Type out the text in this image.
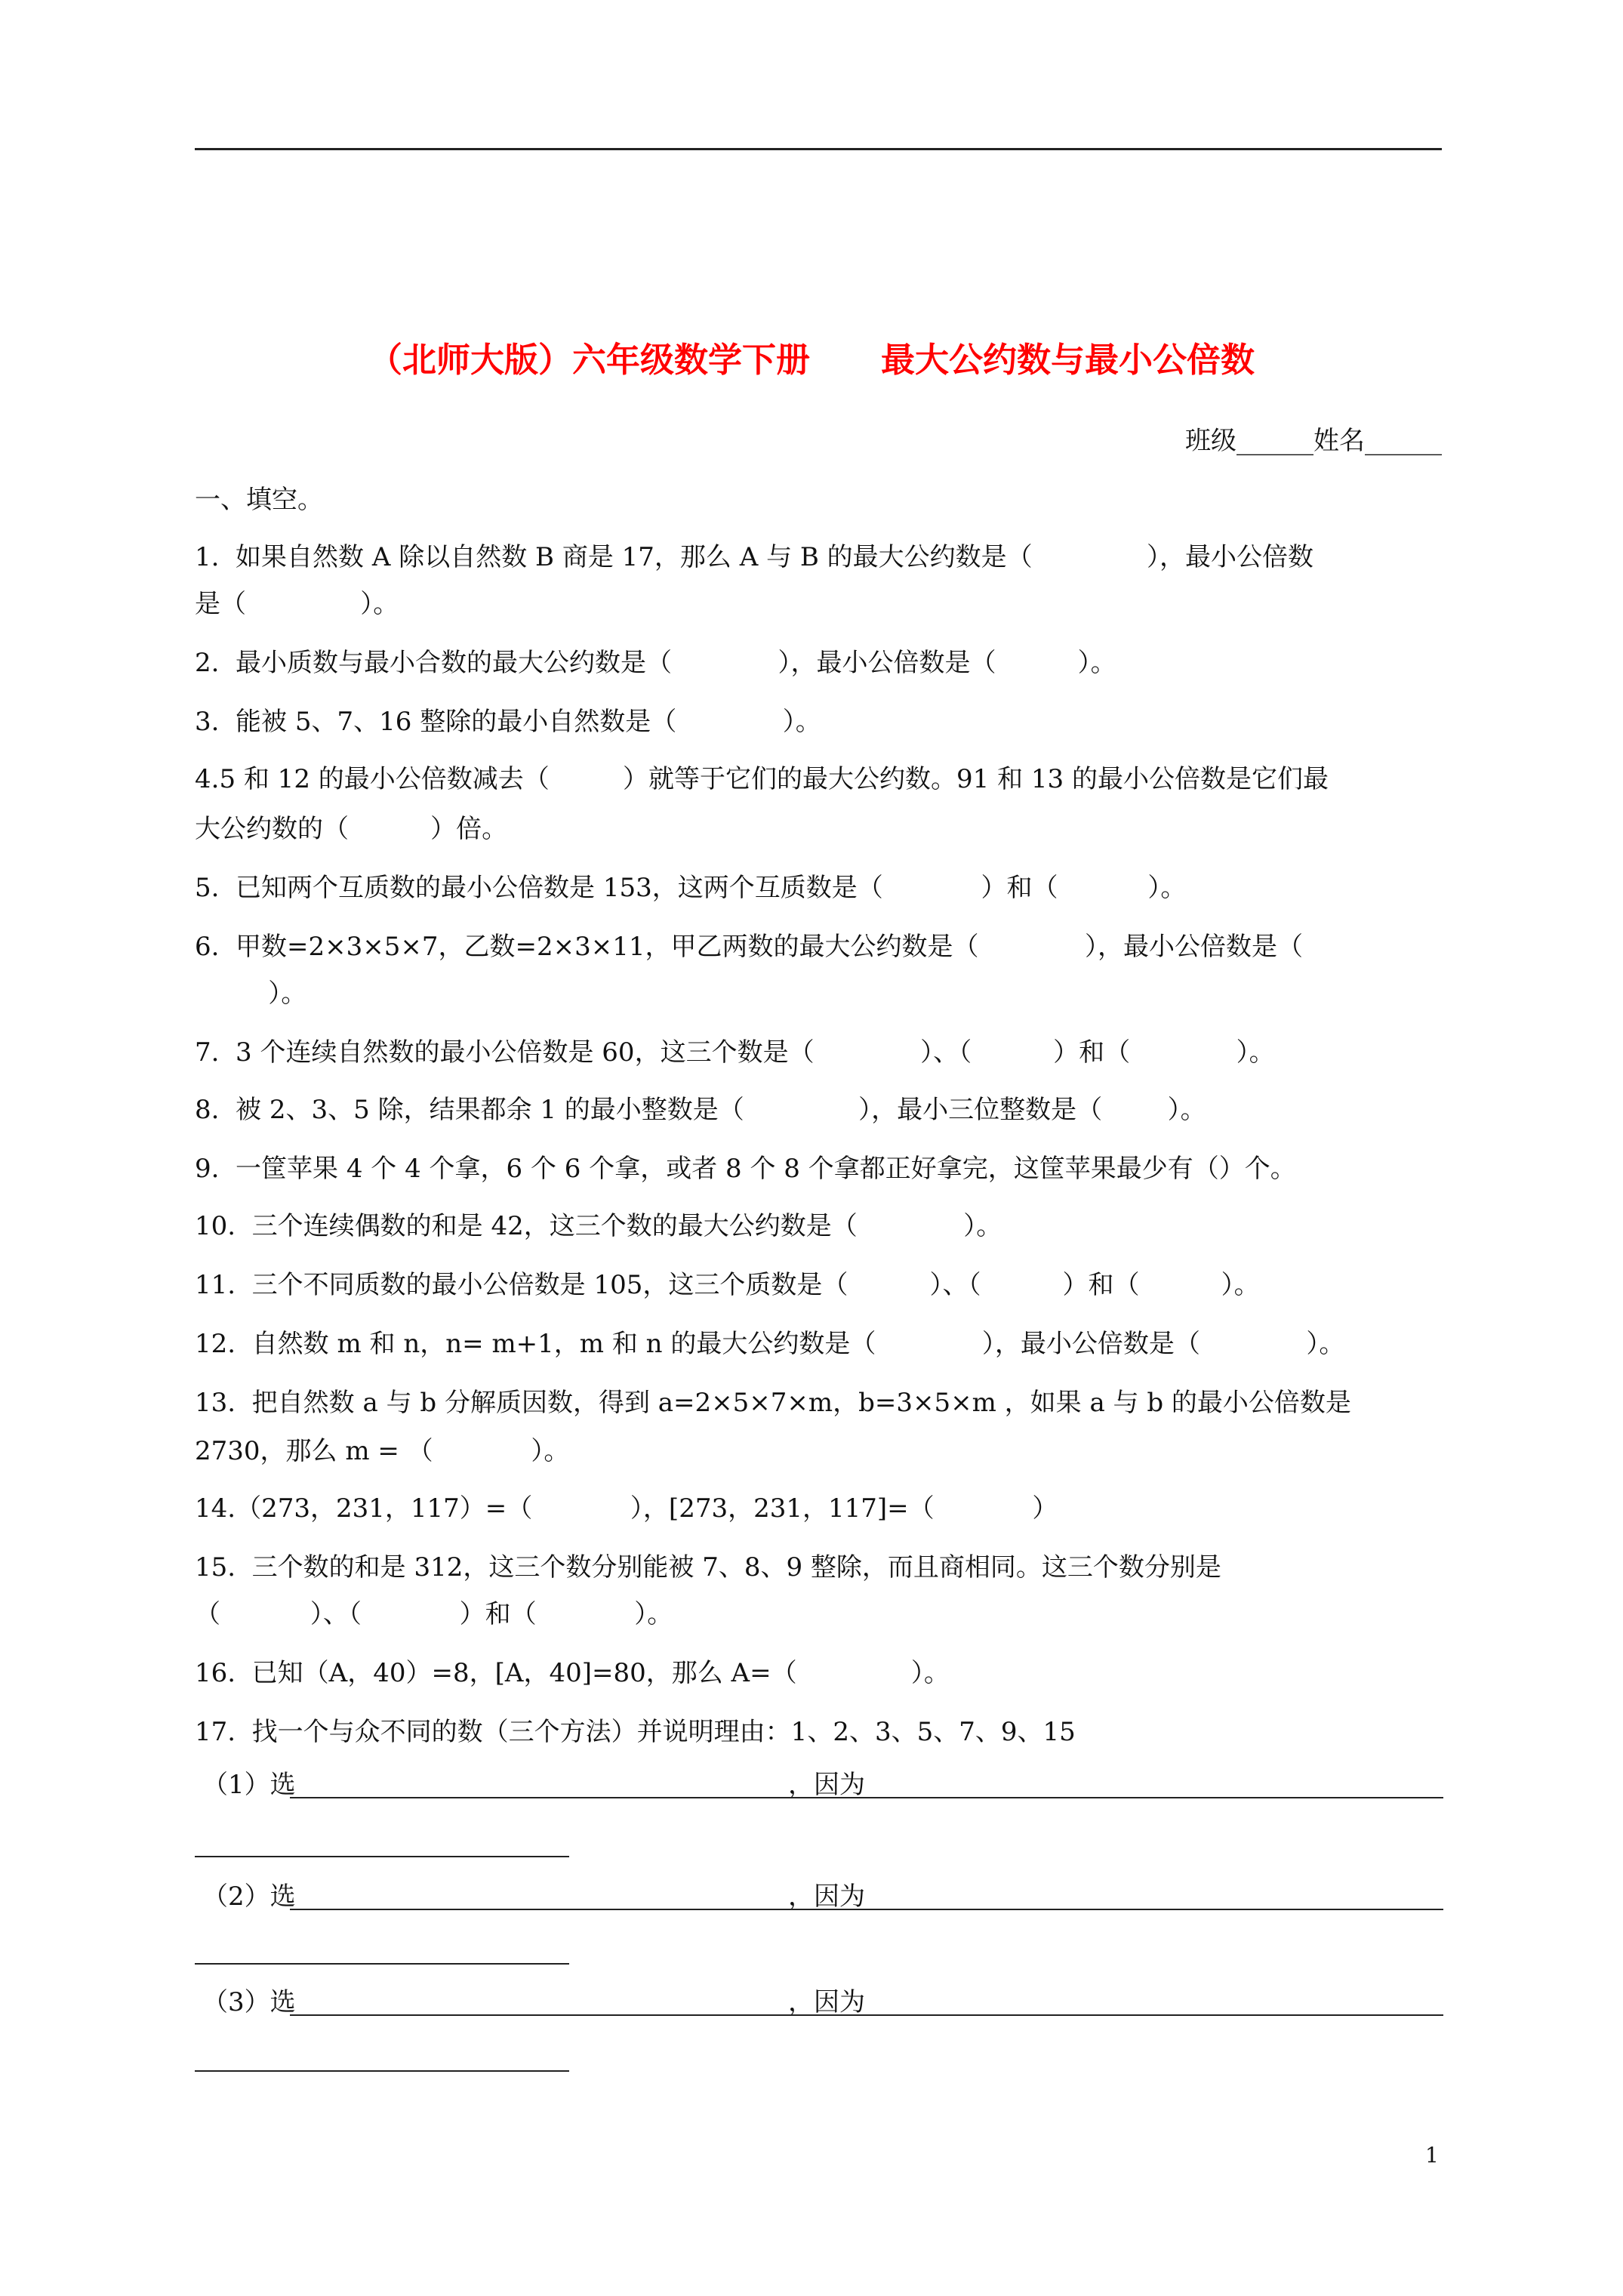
（北师大版）六年级数学下册      最大公约数与最小公倍数
班级______姓名______
一、填空。
1.  如果自然数 A 除以自然数 B 商是 17，那么 A 与 B 的最大公约数是（              ），最小公倍数
是（              ）。
2.  最小质数与最小合数的最大公约数是（             ），最小公倍数是（          ）。
3.  能被 5、7、16 整除的最小自然数是（             ）。
4.5 和 12 的最小公倍数减去（         ）就等于它们的最大公约数。91 和 13 的最小公倍数是它们最
大公约数的（          ）倍。
5.  已知两个互质数的最小公倍数是 153，这两个互质数是（            ）和（           ）。
6.  甲数=2×3×5×7，乙数=2×3×11，甲乙两数的最大公约数是（             ），最小公倍数是（
）。
7.  3 个连续自然数的最小公倍数是 60，这三个数是（             ）、（          ）和（             ）。
8.  被 2、3、5 除，结果都余 1 的最小整数是（              ），最小三位整数是（        ）。
9.  一筐苹果 4 个 4 个拿，6 个 6 个拿，或者 8 个 8 个拿都正好拿完，这筐苹果最少有（）个。
10.  三个连续偶数的和是 42，这三个数的最大公约数是（             ）。
11.  三个不同质数的最小公倍数是 105，这三个质数是（          ）、（          ）和（          ）。
12.  自然数 m 和 n，n= m+1，m 和 n 的最大公约数是（             ），最小公倍数是（             ）。
13.  把自然数 a 与 b 分解质因数，得到 a=2×5×7×m，b=3×5×m ，如果 a 与 b 的最小公倍数是
2730，那么 m = （            ）。
14.（273，231，117）=（            ），[273，231，117]=（            ）
15.  三个数的和是 312，这三个数分别能被 7、8、9 整除，而且商相同。这三个数分别是
（           ）、（            ）和（            ）。
16.  已知（A，40）=8，[A，40]=80，那么 A=（              ）。
17.  找一个与众不同的数（三个方法）并说明理由：1、2、3、5、7、9、15
（1）选	，因为
（2）选	，因为
（3）选	，因为
1
